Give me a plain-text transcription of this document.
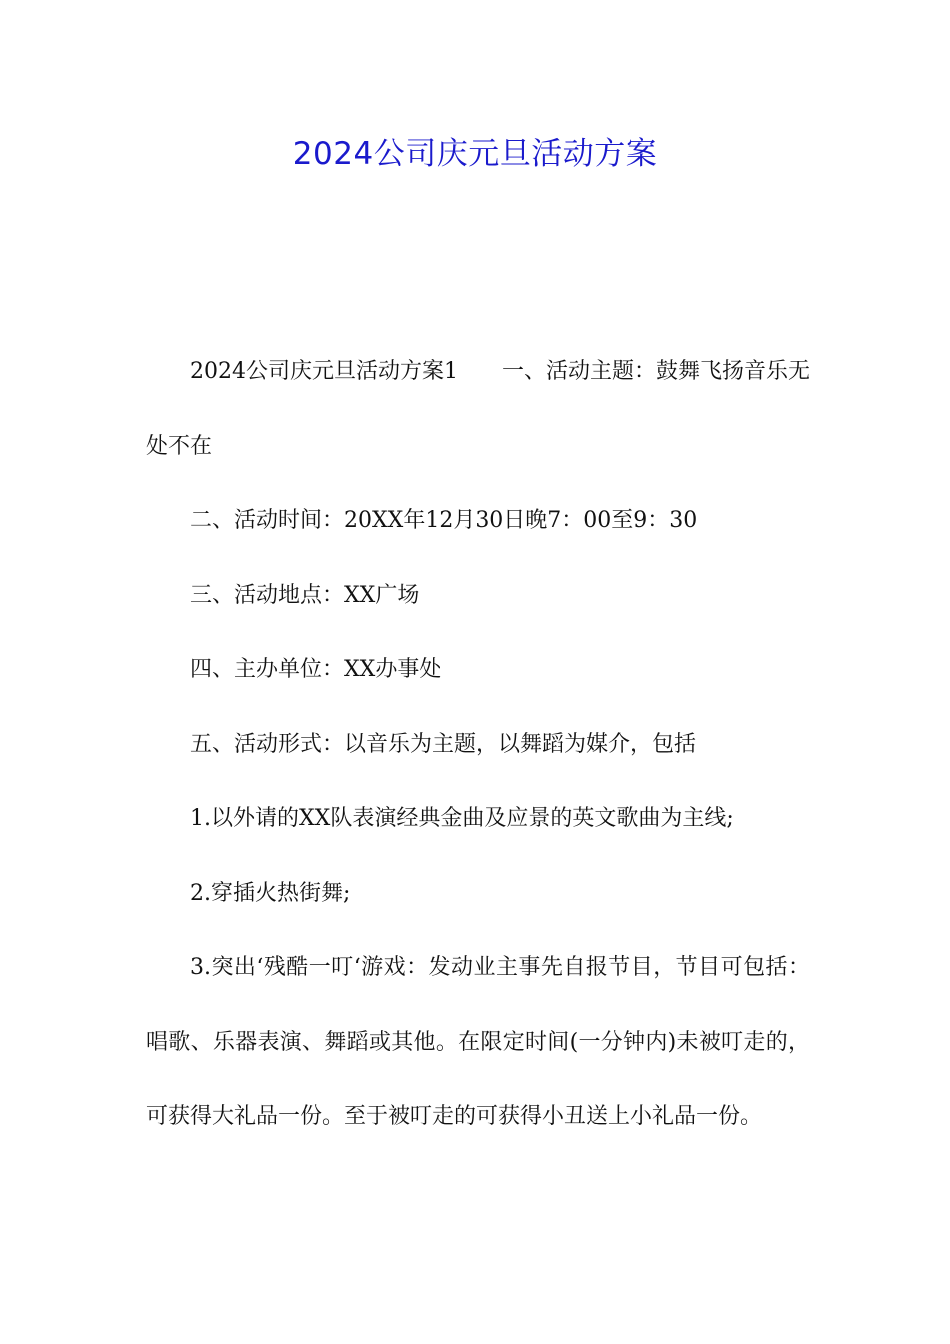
2024公司庆元旦活动方案

2024公司庆元旦活动方案1 一、活动主题：鼓舞飞扬音乐无处不在

二、活动时间：20XX年12月30日晚7：00至9：30

三、活动地点：XX广场

四、主办单位：XX办事处

五、活动形式：以音乐为主题，以舞蹈为媒介，包括

1.以外请的XX队表演经典金曲及应景的英文歌曲为主线;

2.穿插火热街舞;

3.突出‘残酷一叮‘游戏：发动业主事先自报节目，节目可包括：唱歌、乐器表演、舞蹈或其他。在限定时间(一分钟内)未被叮走的，可获得大礼品一份。至于被叮走的可获得小丑送上小礼品一份。
